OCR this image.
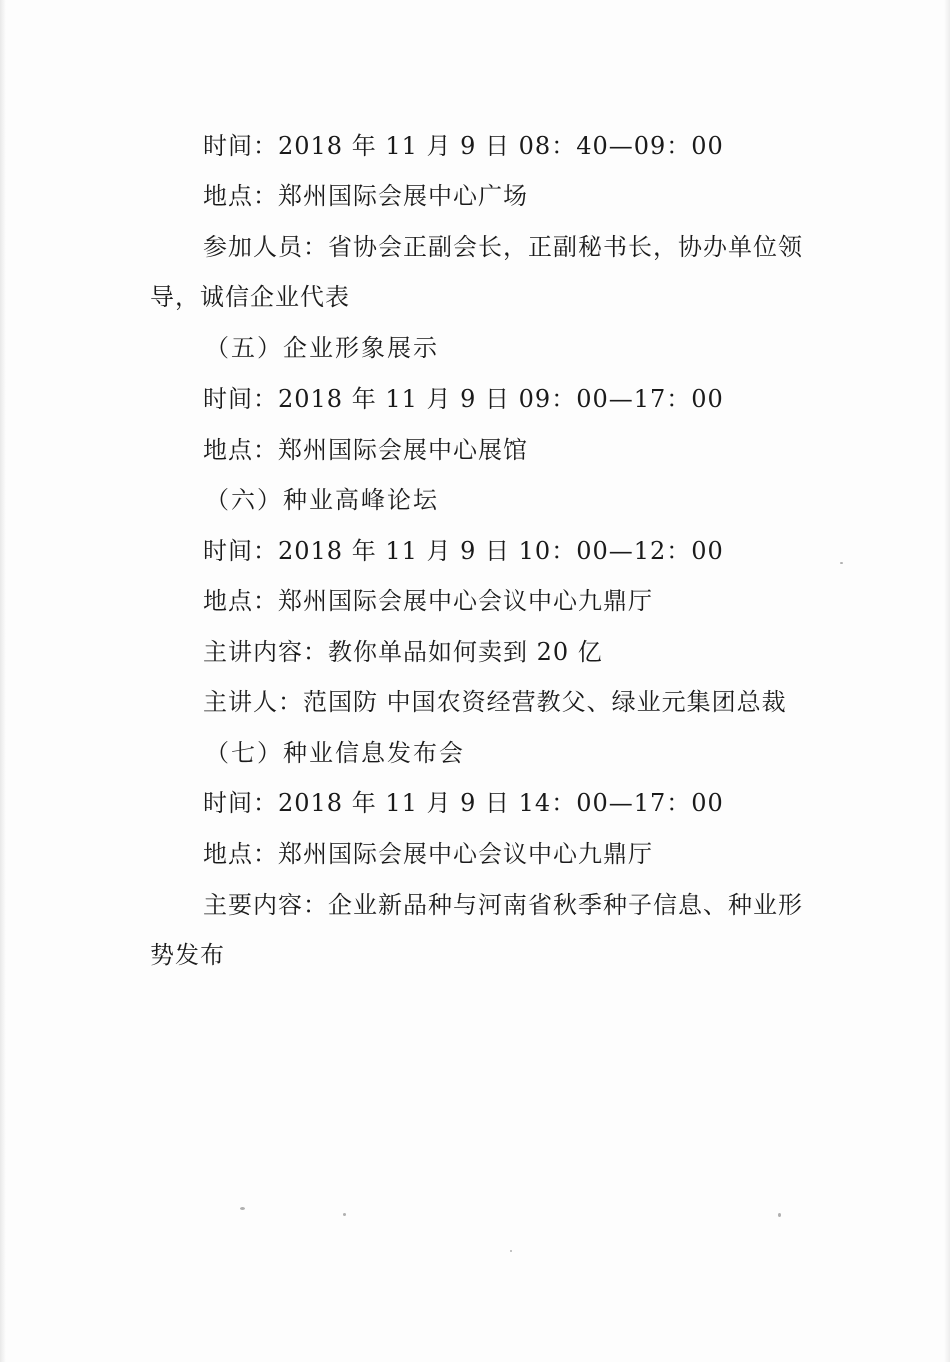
时间：2018 年 11 月 9 日 08：40—09：00
地点：郑州国际会展中心广场
参加人员：省协会正副会长，正副秘书长，协办单位领
导，诚信企业代表
（五）企业形象展示
时间：2018 年 11 月 9 日 09：00—17：00
地点：郑州国际会展中心展馆
（六）种业高峰论坛
时间：2018 年 11 月 9 日 10：00—12：00
地点：郑州国际会展中心会议中心九鼎厅
主讲内容：教你单品如何卖到 20 亿
主讲人：范国防 中国农资经营教父、绿业元集团总裁
（七）种业信息发布会
时间：2018 年 11 月 9 日 14：00—17：00
地点：郑州国际会展中心会议中心九鼎厅
主要内容：企业新品种与河南省秋季种子信息、种业形
势发布
